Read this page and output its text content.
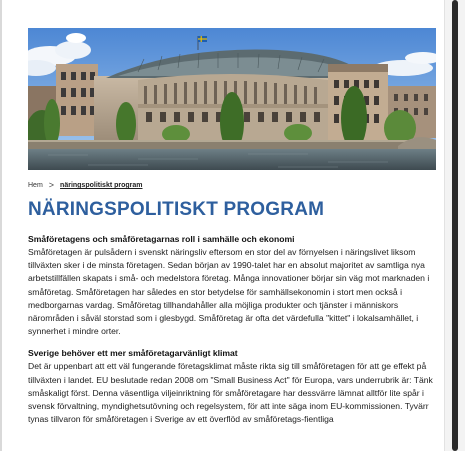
Hem > näringspolitiskt program
NÄRINGSPOLITISKT PROGRAM
Småföretagens och småföretagarnas roll i samhälle och ekonomi

Småföretagen är pulsådern i svenskt näringsliv eftersom en stor del av förnyelsen i näringslivet liksom tillväxten sker i de minsta företagen. Sedan början av 1990-talet har en absolut majoritet av samtliga nya arbetstillfällen skapats i små- och medelstora företag. Många innovationer börjar sin väg mot marknaden i småföretag. Småföretagen har således en stor betydelse för samhällsekonomin i stort men också i medborgarnas vardag. Småföretag tillhandahåller alla möjliga produkter och tjänster i människors närområden i såväl storstad som i glesbygd. Småföretag är ofta det värdefulla "kittet" i lokalsamhället, i synnerhet i mindre orter.

Sverige behöver ett mer småföretagarvänligt klimat

Det är uppenbart att ett väl fungerande företagsklimat måste rikta sig till småföretagen för att ge effekt på tillväxten i landet. EU beslutade redan 2008 om "Small Business Act" för Europa, vars underrubrik är: Tänk småskaligt först. Denna väsentliga viljeinriktning för småföretagare har dessvärre lämnat alltför lite spår i svensk förvaltning, myndighetsutövning och regelsystem, för att inte säga inom EU-kommissionen. Tyvärr tynas tillvaron för småföretagen i Sverige av ett överflöd av småföretags-fientliga
